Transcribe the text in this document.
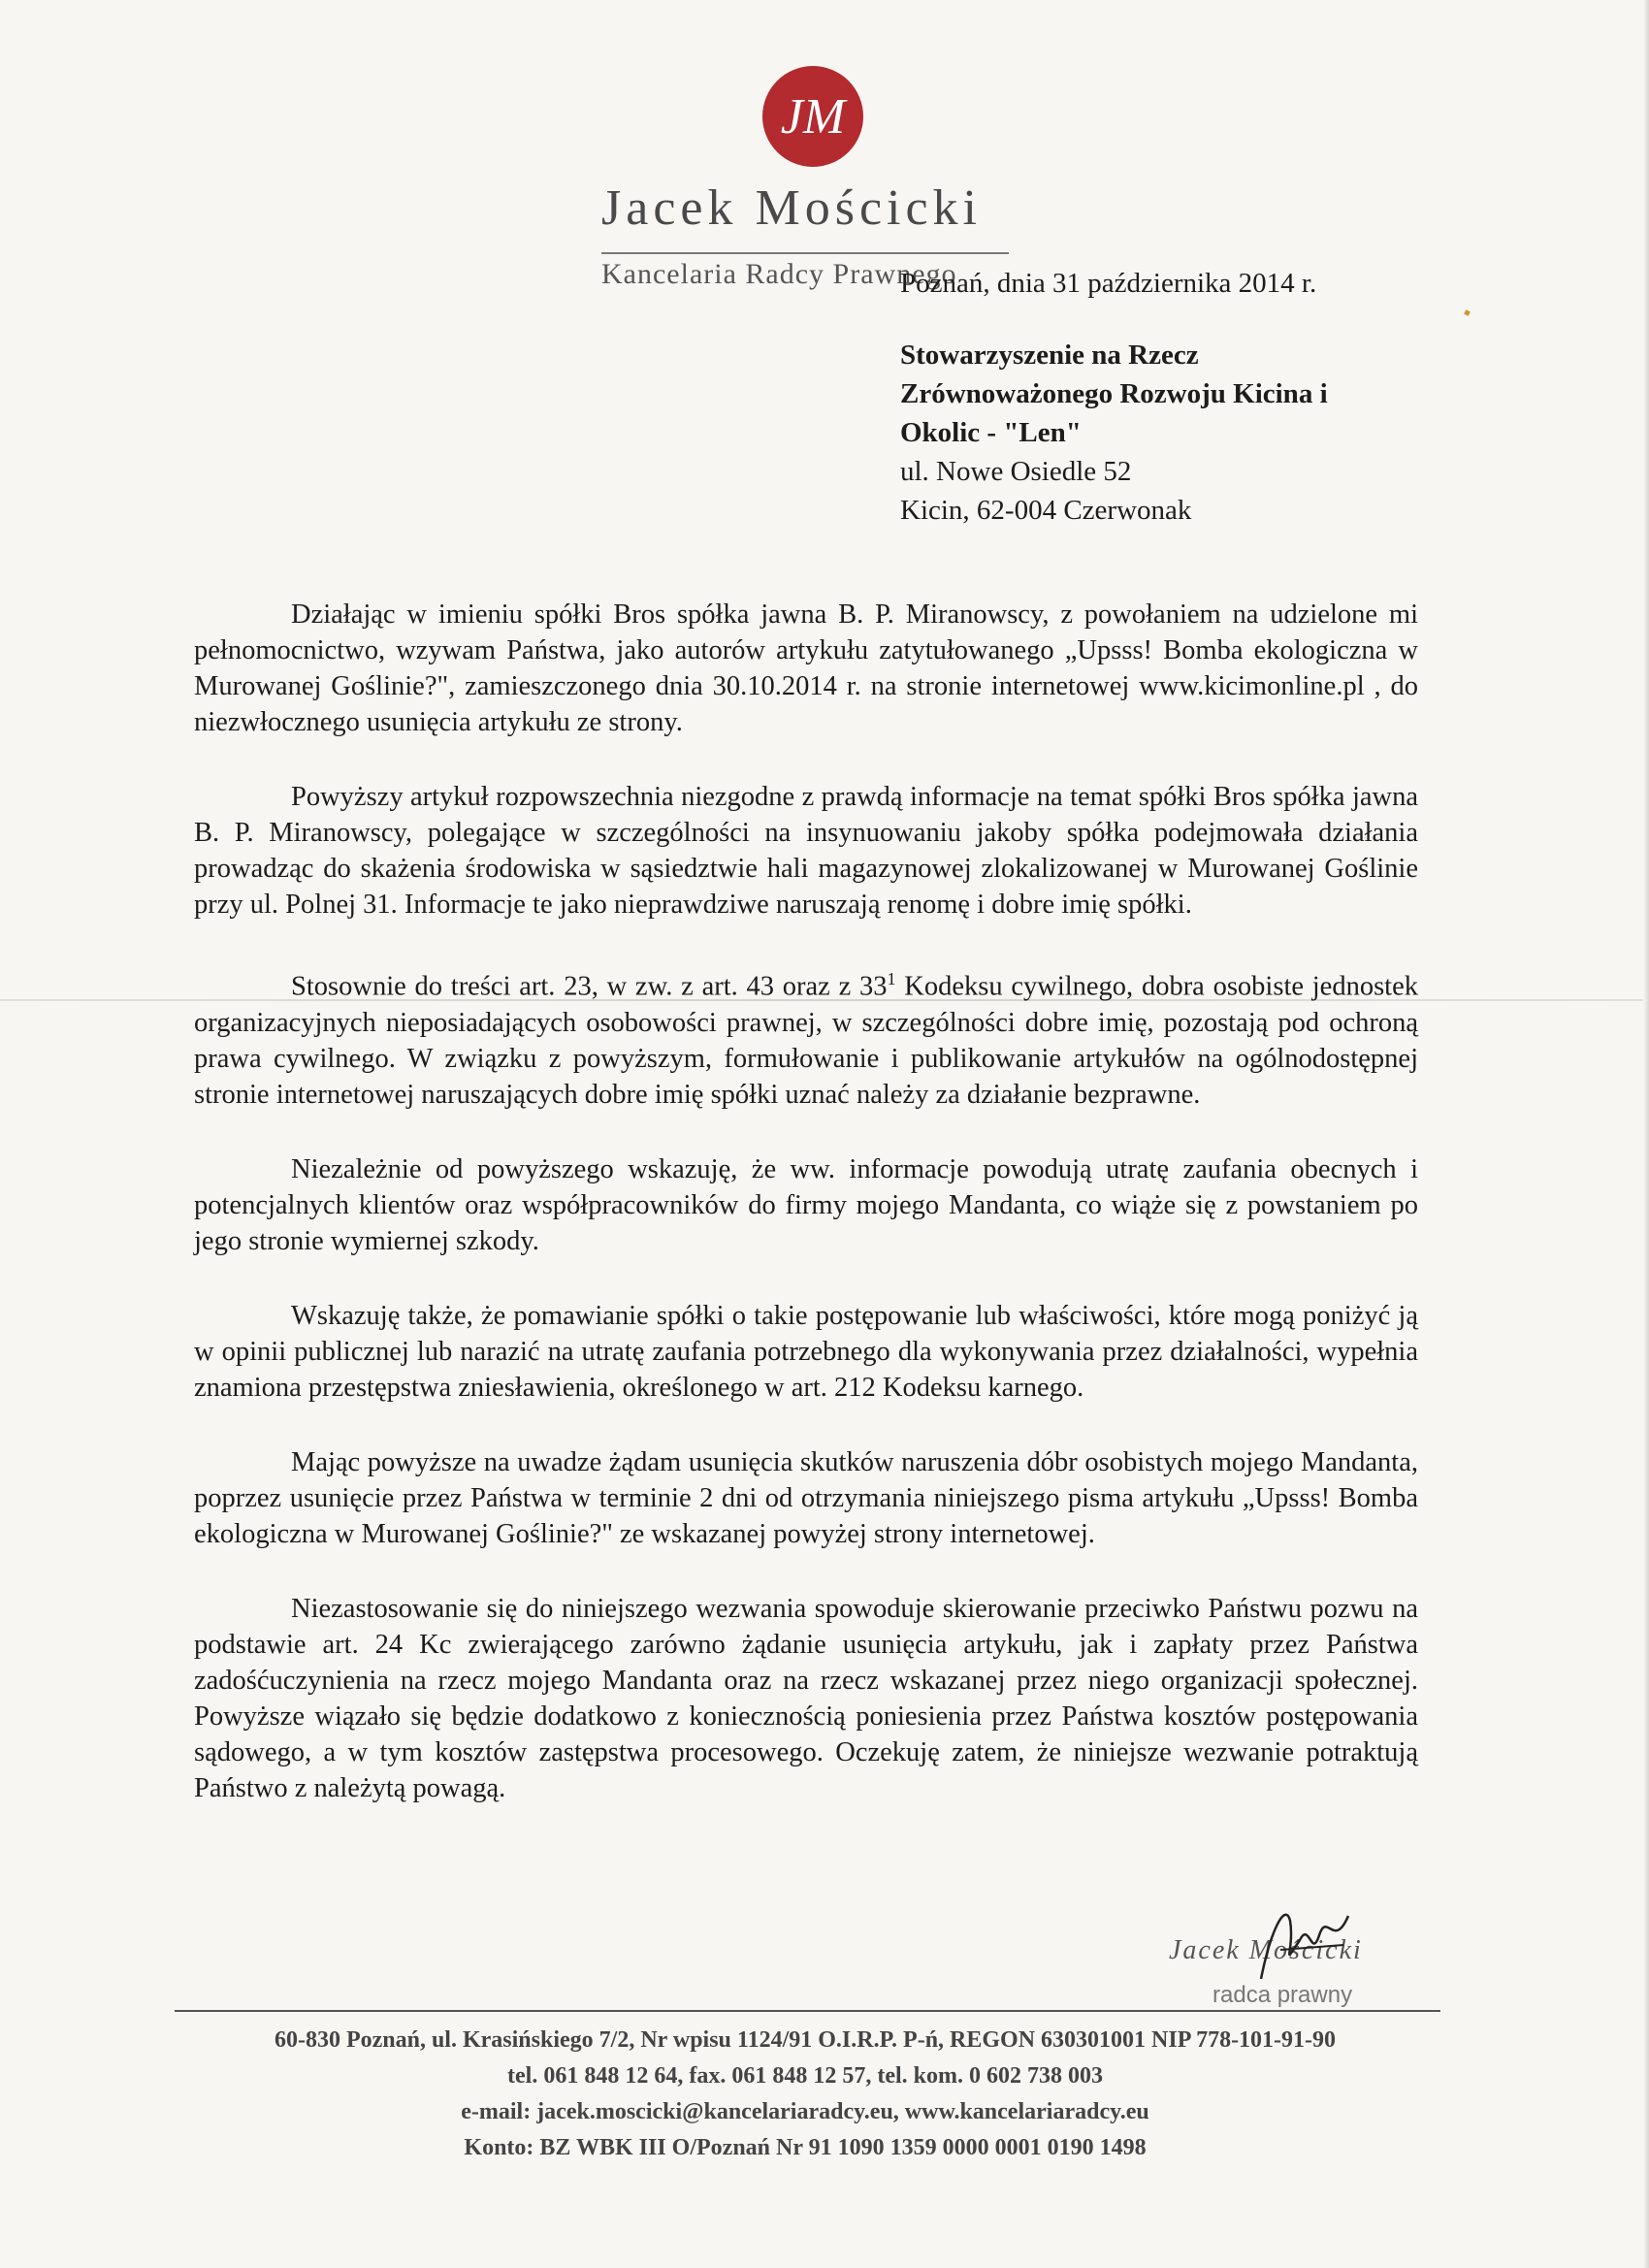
JM
Jacek Mościcki
Kancelaria Radcy Prawnego
Poznań, dnia 31 października 2014 r.
Stowarzyszenie na Rzecz
Zrównoważonego Rozwoju Kicina i
Okolic - "Len"
ul. Nowe Osiedle 52
Kicin, 62-004 Czerwonak

Działając w imieniu spółki Bros spółka jawna B. P. Miranowscy, z powołaniem na udzielone mi pełnomocnictwo, wzywam Państwa, jako autorów artykułu zatytułowanego „Upsss! Bomba ekologiczna w Murowanej Goślinie?", zamieszczonego dnia 30.10.2014 r. na stronie internetowej www.kicimonline.pl , do niezwłocznego usunięcia artykułu ze strony.

Powyższy artykuł rozpowszechnia niezgodne z prawdą informacje na temat spółki Bros spółka jawna B. P. Miranowscy, polegające w szczególności na insynuowaniu jakoby spółka podejmowała działania prowadząc do skażenia środowiska w sąsiedztwie hali magazynowej zlokalizowanej w Murowanej Goślinie przy ul. Polnej 31. Informacje te jako nieprawdziwe naruszają renomę i dobre imię spółki.

Stosownie do treści art. 23, w zw. z art. 43 oraz z $33^1$ Kodeksu cywilnego, dobra osobiste jednostek organizacyjnych nieposiadających osobowości prawnej, w szczególności dobre imię, pozostają pod ochroną prawa cywilnego. W związku z powyższym, formułowanie i publikowanie artykułów na ogólnodostępnej stronie internetowej naruszających dobre imię spółki uznać należy za działanie bezprawne.

Niezależnie od powyższego wskazuję, że ww. informacje powodują utratę zaufania obecnych i potencjalnych klientów oraz współpracowników do firmy mojego Mandanta, co wiąże się z powstaniem po jego stronie wymiernej szkody.

Wskazuję także, że pomawianie spółki o takie postępowanie lub właściwości, które mogą poniżyć ją w opinii publicznej lub narazić na utratę zaufania potrzebnego dla wykonywania przez działalności, wypełnia znamiona przestępstwa zniesławienia, określonego w art. 212 Kodeksu karnego.

Mając powyższe na uwadze żądam usunięcia skutków naruszenia dóbr osobistych mojego Mandanta, poprzez usunięcie przez Państwa w terminie 2 dni od otrzymania niniejszego pisma artykułu „Upsss! Bomba ekologiczna w Murowanej Goślinie?" ze wskazanej powyżej strony internetowej.

Niezastosowanie się do niniejszego wezwania spowoduje skierowanie przeciwko Państwu pozwu na podstawie art. 24 Kc zwierającego zarówno żądanie usunięcia artykułu, jak i zapłaty przez Państwa zadośćuczynienia na rzecz mojego Mandanta oraz na rzecz wskazanej przez niego organizacji społecznej. Powyższe wiązało się będzie dodatkowo z koniecznością poniesienia przez Państwa kosztów postępowania sądowego, a w tym kosztów zastępstwa procesowego. Oczekuję zatem, że niniejsze wezwanie potraktują Państwo z należytą powagą.

Jacek Mościcki
radca prawny
60-830 Poznań, ul. Krasińskiego 7/2, Nr wpisu 1124/91 O.I.R.P. P-ń, REGON 630301001 NIP 778-101-91-90
tel. 061 848 12 64, fax. 061 848 12 57, tel. kom. 0 602 738 003
e-mail: jacek.moscicki@kancelariaradcy.eu, www.kancelariaradcy.eu
Konto: BZ WBK III O/Poznań Nr 91 1090 1359 0000 0001 0190 1498
